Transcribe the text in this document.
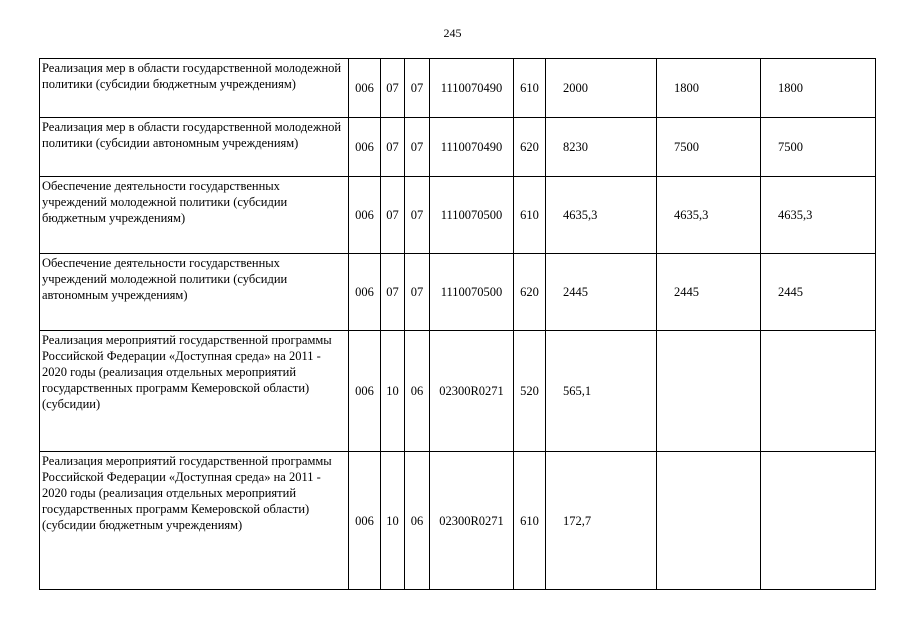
245
Реализация мер в области государственной молодежной политики (субсидии бюджетным учреждениям)	006	07	07	1110070490	610	2000	1800	1800
Реализация мер в области государственной молодежной политики (субсидии автономным учреждениям)	006	07	07	1110070490	620	8230	7500	7500
Обеспечение деятельности государственных учреждений молодежной политики (субсидии бюджетным учреждениям)	006	07	07	1110070500	610	4635,3	4635,3	4635,3
Обеспечение деятельности государственных учреждений молодежной политики (субсидии автономным учреждениям)	006	07	07	1110070500	620	2445	2445	2445
Реализация мероприятий государственной программы Российской Федерации «Доступная среда» на 2011 - 2020 годы (реализация отдельных мероприятий государственных программ Кемеровской области) (субсидии)	006	10	06	02300R0271	520	565,1		
Реализация мероприятий государственной программы Российской Федерации «Доступная среда» на 2011 - 2020 годы (реализация отдельных мероприятий государственных программ Кемеровской области) (субсидии бюджетным учреждениям)	006	10	06	02300R0271	610	172,7		
